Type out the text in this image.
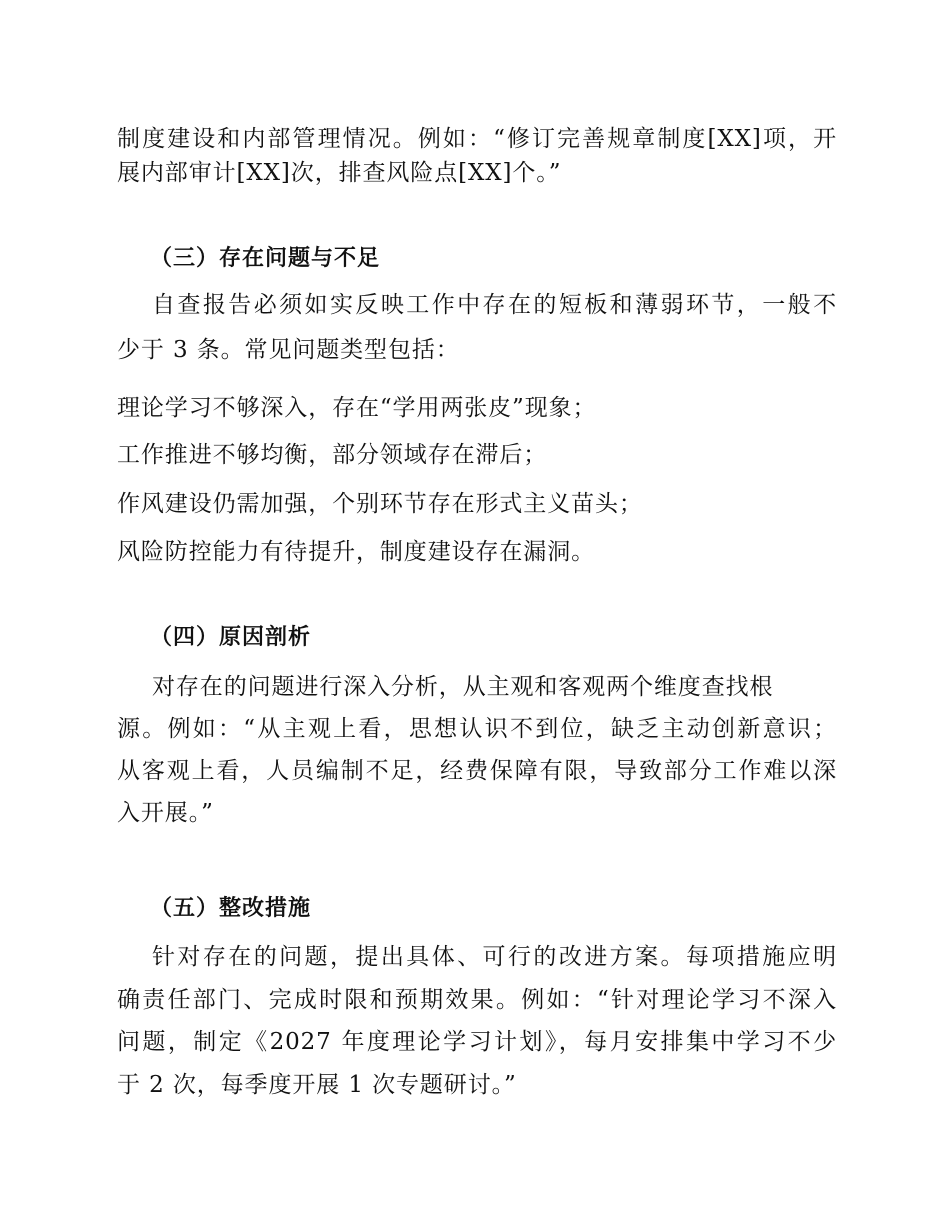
制度建设和内部管理情况。例如：“修订完善规章制度[XX]项，开
展内部审计[XX]次，排查风险点[XX]个。”
（三）存在问题与不足
自查报告必须如实反映工作中存在的短板和薄弱环节，一般不
少于 3 条。常见问题类型包括：
理论学习不够深入，存在“学用两张皮”现象；
工作推进不够均衡，部分领域存在滞后；
作风建设仍需加强，个别环节存在形式主义苗头；
风险防控能力有待提升，制度建设存在漏洞。
（四）原因剖析
对存在的问题进行深入分析，从主观和客观两个维度查找根
源。例如：“从主观上看，思想认识不到位，缺乏主动创新意识；
从客观上看，人员编制不足，经费保障有限，导致部分工作难以深
入开展。”
（五）整改措施
针对存在的问题，提出具体、可行的改进方案。每项措施应明
确责任部门、完成时限和预期效果。例如：“针对理论学习不深入
问题，制定《2027 年度理论学习计划》，每月安排集中学习不少
于 2 次，每季度开展 1 次专题研讨。”
